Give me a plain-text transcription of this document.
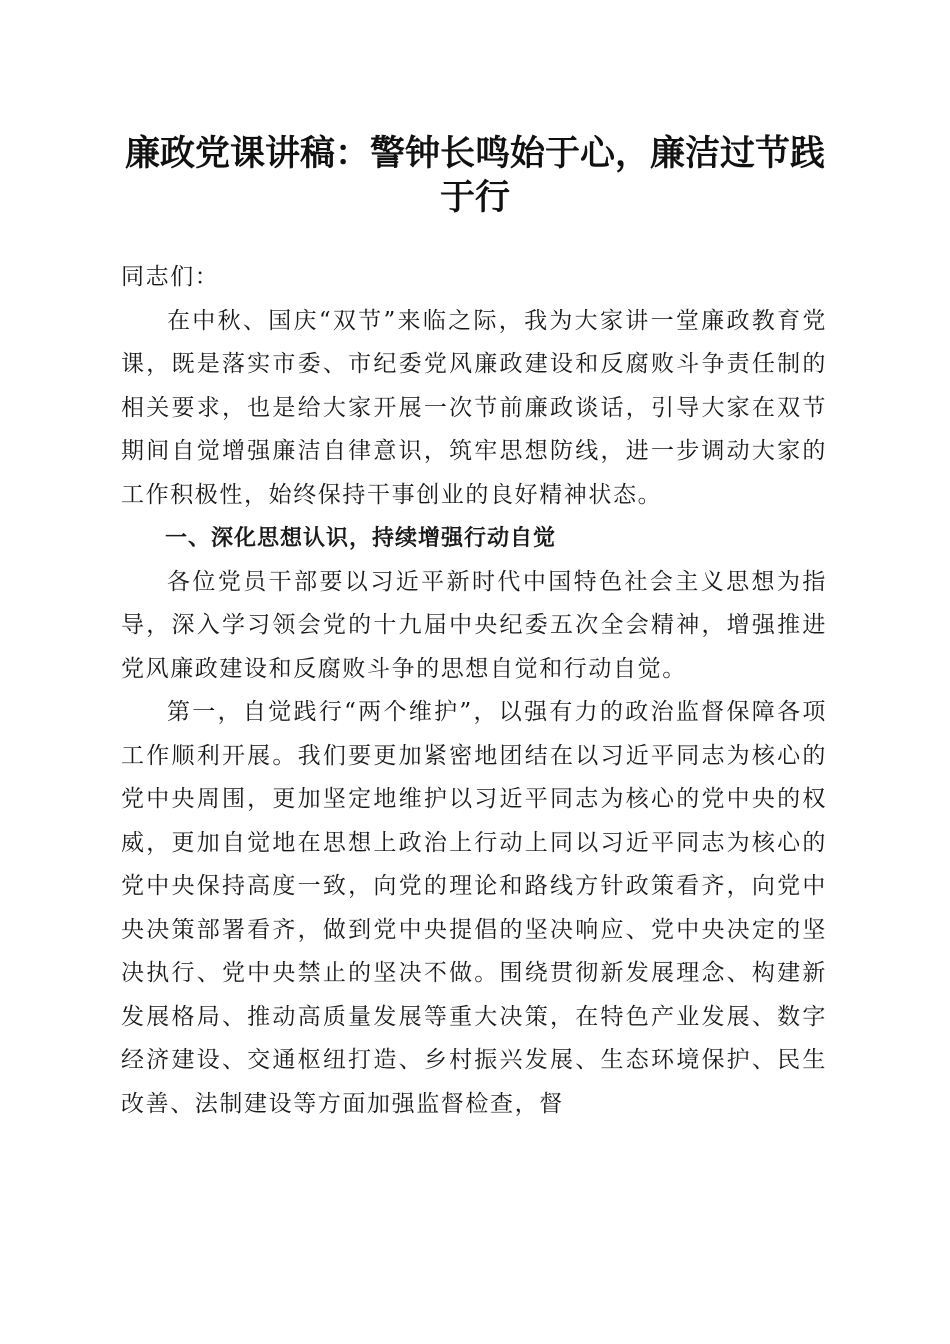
廉政党课讲稿：警钟长鸣始于心，廉洁过节践于行

同志们：

在中秋、国庆“双节”来临之际，我为大家讲一堂廉政教育党课，既是落实市委、市纪委党风廉政建设和反腐败斗争责任制的相关要求，也是给大家开展一次节前廉政谈话，引导大家在双节期间自觉增强廉洁自律意识，筑牢思想防线，进一步调动大家的工作积极性，始终保持干事创业的良好精神状态。

一、深化思想认识，持续增强行动自觉

各位党员干部要以习近平新时代中国特色社会主义思想为指导，深入学习领会党的十九届中央纪委五次全会精神，增强推进党风廉政建设和反腐败斗争的思想自觉和行动自觉。

第一，自觉践行“两个维护”，以强有力的政治监督保障各项工作顺利开展。我们要更加紧密地团结在以习近平同志为核心的党中央周围，更加坚定地维护以习近平同志为核心的党中央的权威，更加自觉地在思想上政治上行动上同以习近平同志为核心的党中央保持高度一致，向党的理论和路线方针政策看齐，向党中央决策部署看齐，做到党中央提倡的坚决响应、党中央决定的坚决执行、党中央禁止的坚决不做。围绕贯彻新发展理念、构建新发展格局、推动高质量发展等重大决策，在特色产业发展、数字经济建设、交通枢纽打造、乡村振兴发展、生态环境保护、民生改善、法制建设等方面加强监督检查，督
